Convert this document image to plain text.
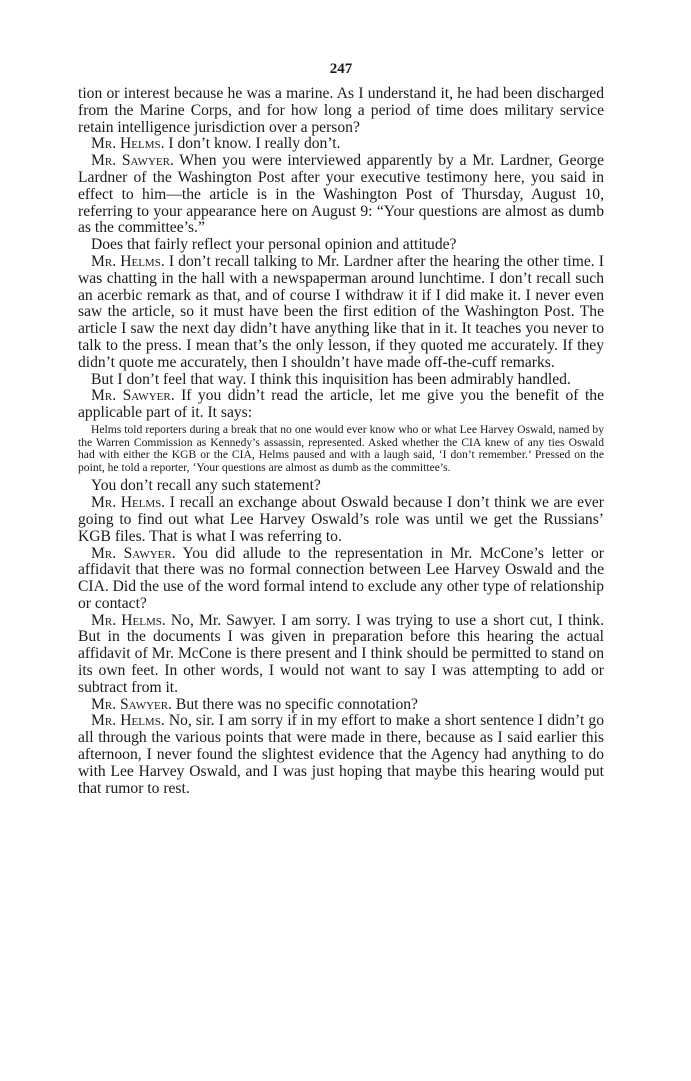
247

tion or interest because he was a marine. As I understand it, he had been discharged from the Marine Corps, and for how long a period of time does military service retain intelligence jurisdiction over a person?

Mr. Helms. I don’t know. I really don’t.

Mr. Sawyer. When you were interviewed apparently by a Mr. Lardner, George Lardner of the Washington Post after your executive testimony here, you said in effect to him—the article is in the Washington Post of Thursday, August 10, referring to your appearance here on August 9: “Your questions are almost as dumb as the committee’s.”

Does that fairly reflect your personal opinion and attitude?

Mr. Helms. I don’t recall talking to Mr. Lardner after the hearing the other time. I was chatting in the hall with a newspaperman around lunchtime. I don’t recall such an acerbic remark as that, and of course I withdraw it if I did make it. I never even saw the article, so it must have been the first edition of the Washington Post. The article I saw the next day didn’t have anything like that in it. It teaches you never to talk to the press. I mean that’s the only lesson, if they quoted me accurately. If they didn’t quote me accurately, then I shouldn’t have made off-the-cuff remarks.

But I don’t feel that way. I think this inquisition has been admirably handled.

Mr. Sawyer. If you didn’t read the article, let me give you the benefit of the applicable part of it. It says:

Helms told reporters during a break that no one would ever know who or what Lee Harvey Oswald, named by the Warren Commission as Kennedy’s assassin, represented. Asked whether the CIA knew of any ties Oswald had with either the KGB or the CIA, Helms paused and with a laugh said, ‘I don’t remember.’ Pressed on the point, he told a reporter, ‘Your questions are almost as dumb as the committee’s.

You don’t recall any such statement?

Mr. Helms. I recall an exchange about Oswald because I don’t think we are ever going to find out what Lee Harvey Oswald’s role was until we get the Russians’ KGB files. That is what I was referring to.

Mr. Sawyer. You did allude to the representation in Mr. McCone’s letter or affidavit that there was no formal connection between Lee Harvey Oswald and the CIA. Did the use of the word formal intend to exclude any other type of relationship or contact?

Mr. Helms. No, Mr. Sawyer. I am sorry. I was trying to use a short cut, I think. But in the documents I was given in preparation before this hearing the actual affidavit of Mr. McCone is there present and I think should be permitted to stand on its own feet. In other words, I would not want to say I was attempting to add or subtract from it.

Mr. Sawyer. But there was no specific connotation?

Mr. Helms. No, sir. I am sorry if in my effort to make a short sentence I didn’t go all through the various points that were made in there, because as I said earlier this afternoon, I never found the slightest evidence that the Agency had anything to do with Lee Harvey Oswald, and I was just hoping that maybe this hearing would put that rumor to rest.
